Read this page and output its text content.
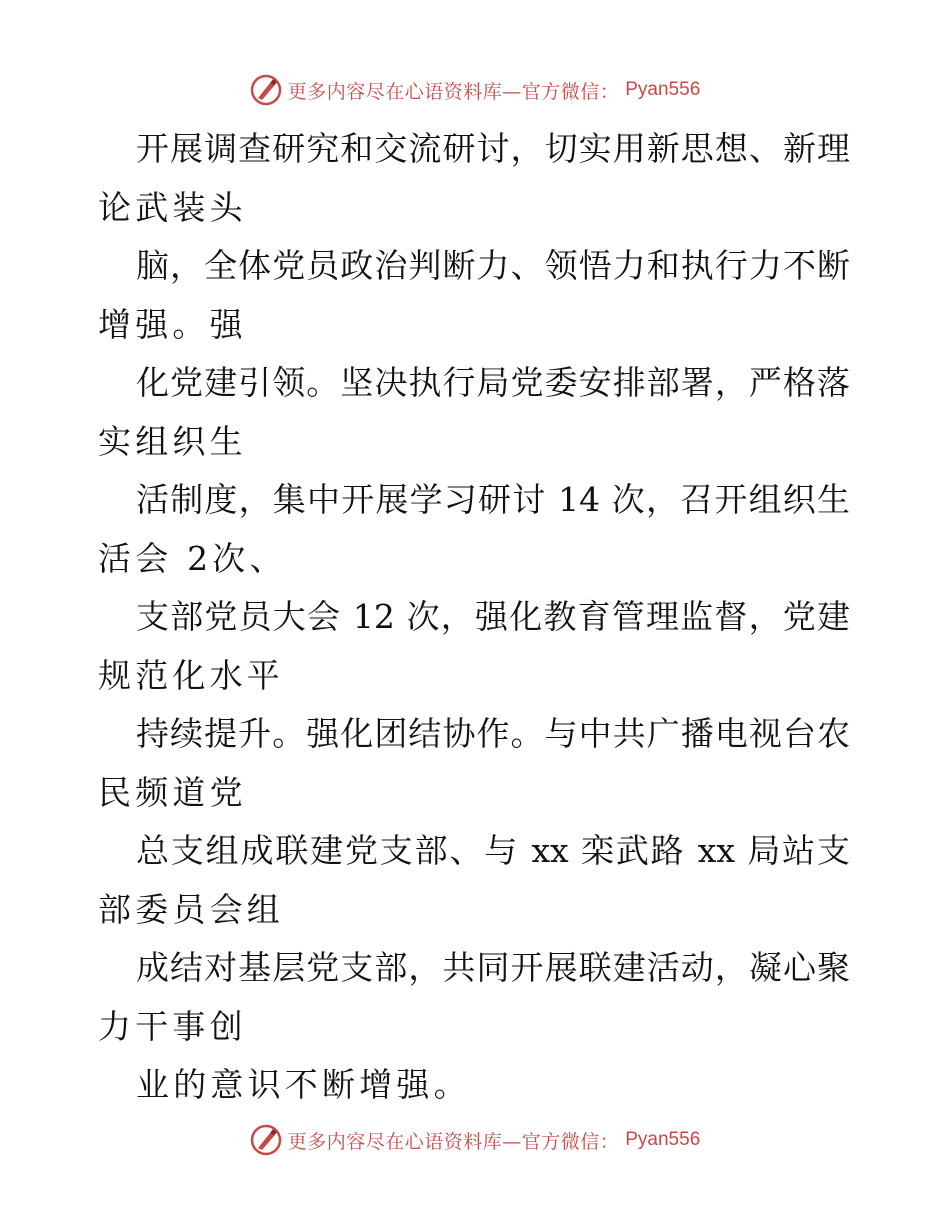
更多内容尽在心语资料库—官方微信： Pyan556
开展调查研究和交流研讨，切实用新思想、新理
论武装头
脑，全体党员政治判断力、领悟力和执行力不断
增强。强
化党建引领。坚决执行局党委安排部署，严格落
实组织生
活制度，集中开展学习研讨 14 次，召开组织生
活会 2次、
支部党员大会 12 次，强化教育管理监督，党建
规范化水平
持续提升。强化团结协作。与中共广播电视台农
民频道党
总支组成联建党支部、与 xx 栾武路 xx 局站支
部委员会组
成结对基层党支部，共同开展联建活动，凝心聚
力干事创
业的意识不断增强。
更多内容尽在心语资料库—官方微信： Pyan556
